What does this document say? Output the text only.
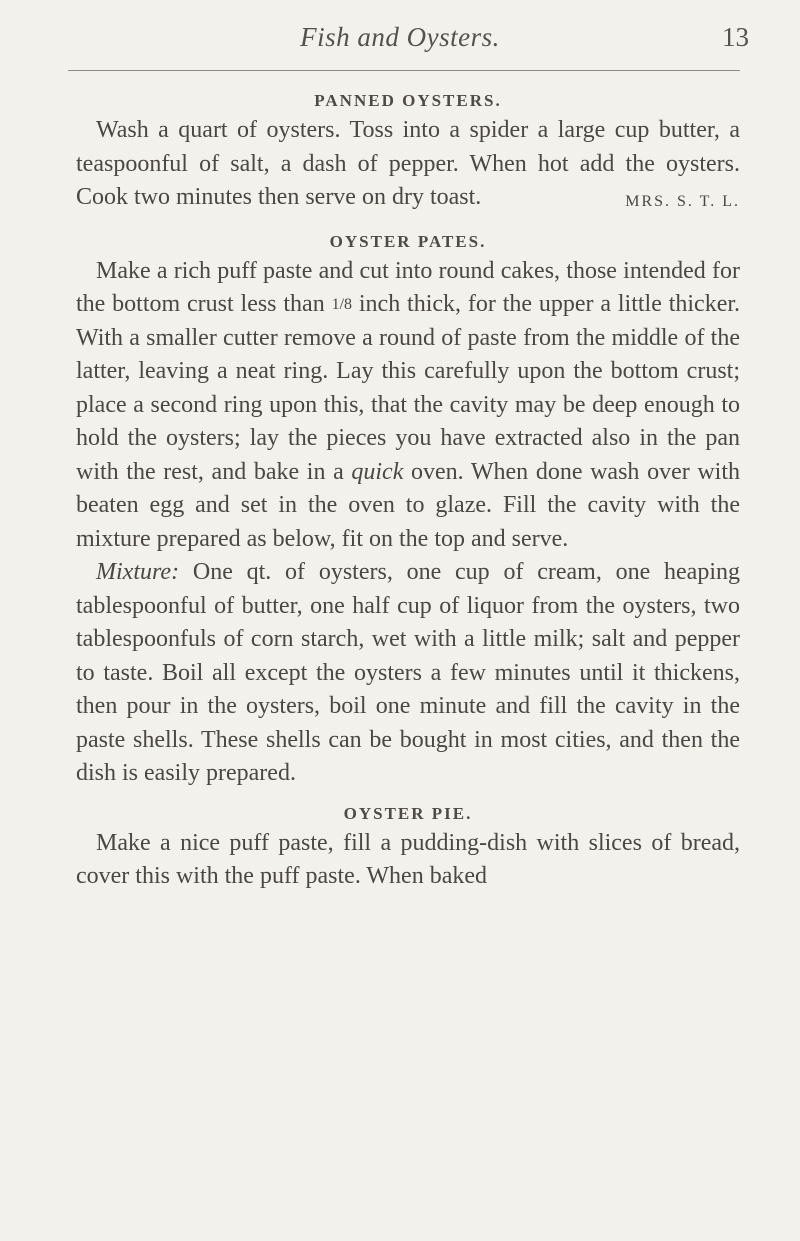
Fish and Oysters.	13
PANNED OYSTERS.

Wash a quart of oysters. Toss into a spider a large cup butter, a teaspoonful of salt, a dash of pepper. When hot add the oysters. Cook two minutes then serve on dry toast.	MRS. S. T. L.

OYSTER PATES.

Make a rich puff paste and cut into round cakes, those intended for the bottom crust less than 1/8 inch thick, for the upper a little thicker. With a smaller cutter remove a round of paste from the middle of the latter, leaving a neat ring. Lay this carefully upon the bottom crust; place a second ring upon this, that the cavity may be deep enough to hold the oysters; lay the pieces you have extracted also in the pan with the rest, and bake in a quick oven. When done wash over with beaten egg and set in the oven to glaze. Fill the cavity with the mixture prepared as below, fit on the top and serve.

Mixture: One qt. of oysters, one cup of cream, one heaping tablespoonful of butter, one half cup of liquor from the oysters, two tablespoonfuls of corn starch, wet with a little milk; salt and pepper to taste. Boil all except the oysters a few minutes until it thickens, then pour in the oysters, boil one minute and fill the cavity in the paste shells. These shells can be bought in most cities, and then the dish is easily prepared.

OYSTER PIE.

Make a nice puff paste, fill a pudding-dish with slices of bread, cover this with the puff paste. When baked
